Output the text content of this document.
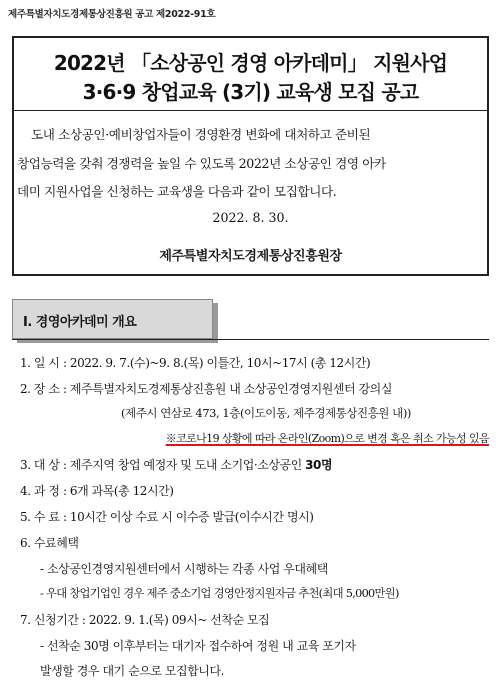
제주특별자치도경제통상진흥원 공고 제2022-91호
2022년 「소상공인 경영 아카데미」 지원사업
3·6·9 창업교육 (3기) 교육생 모집 공고
도내 소상공인·예비창업자들이 경영환경 변화에 대처하고 준비된
창업능력을 갖춰 경쟁력을 높일 수 있도록 2022년 소상공인 경영 아카
데미 지원사업을 신청하는 교육생을 다음과 같이 모집합니다.
2022. 8. 30.
제주특별자치도경제통상진흥원장
Ⅰ. 경영아카데미 개요
1. 일 시 : 2022. 9. 7.(수)~9. 8.(목) 이틀간, 10시~17시 (총 12시간)
2. 장 소 : 제주특별자치도경제통상진흥원 내 소상공인경영지원센터 강의실
(제주시 연삼로 473, 1층(이도이동, 제주경제통상진흥원 내))
※코로나19 상황에 따라 온라인(Zoom)으로 변경 혹은 취소 가능성 있음
3. 대 상 : 제주지역 창업 예정자 및 도내 소기업·소상공인 30명
4. 과 정 : 6개 과목(총 12시간)
5. 수 료 : 10시간 이상 수료 시 이수증 발급(이수시간 명시)
6. 수료혜택
- 소상공인경영지원센터에서 시행하는 각종 사업 우대혜택
- 우대 창업기업인 경우 제주 중소기업 경영안정지원자금 추천(최대 5,000만원)
7. 신청기간 : 2022. 9. 1.(목) 09시~ 선착순 모집
- 선착순 30명 이후부터는 대기자 접수하여 정원 내 교육 포기자
발생할 경우 대기 순으로 모집합니다.
